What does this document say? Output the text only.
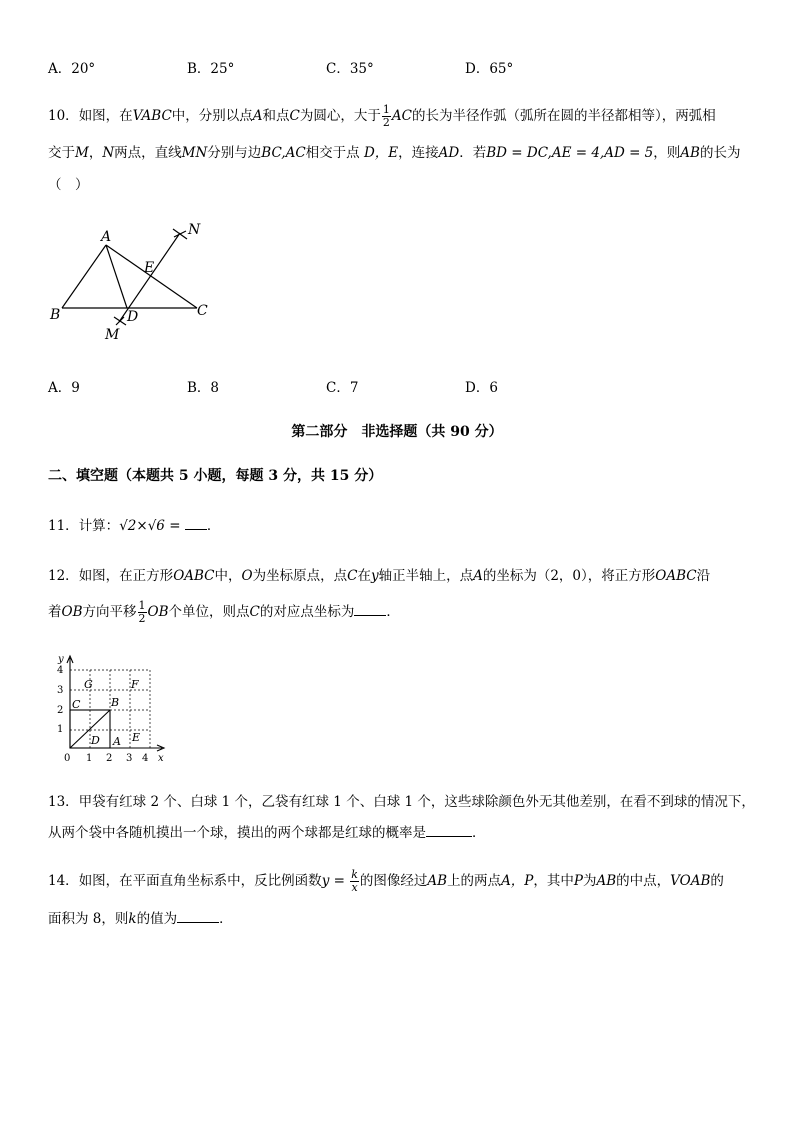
A．20°	B．25°	C．35°	D．65°
10．如图，在VABC中，分别以点A和点C为圆心，大于 $\frac{1}{2}$ AC的长为半径作弧（弧所在圆的半径都相等），两弧相
交于M，N两点，直线MN分别与边BC,AC相交于点 D，E，连接AD．若BD = DC,AE = 4,AD = 5，则AB的长为
（　）
A
B	C
D
E
M
N
A．9	B．8	C．7	D．6
第二部分　非选择题（共 90 分）
二、填空题（本题共 5 小题，每题 3 分，共 15 分）
11．计算：√2×√6 = ．
12．如图，在正方形OABC中，O为坐标原点，点C在y轴正半轴上，点A的坐标为（2，0），将正方形OABC沿
着OB方向平移 $\frac{1}{2}$ OB个单位，则点C的对应点坐标为 ．
y
x
4
3
2
1
0 1 2 3 4
G	F
C	B
D A E
13．甲袋有红球 2 个、白球 1 个，乙袋有红球 1 个、白球 1 个，这些球除颜色外无其他差别，在看不到球的情况下，
从两个袋中各随机摸出一个球，摸出的两个球都是红球的概率是	．
14．如图，在平面直角坐标系中，反比例函数$y = \frac{k}{x}$ 的图像经过AB上的两点A，P，其中P为AB的中点，VOAB的
面积为 8，则k的值为	．
